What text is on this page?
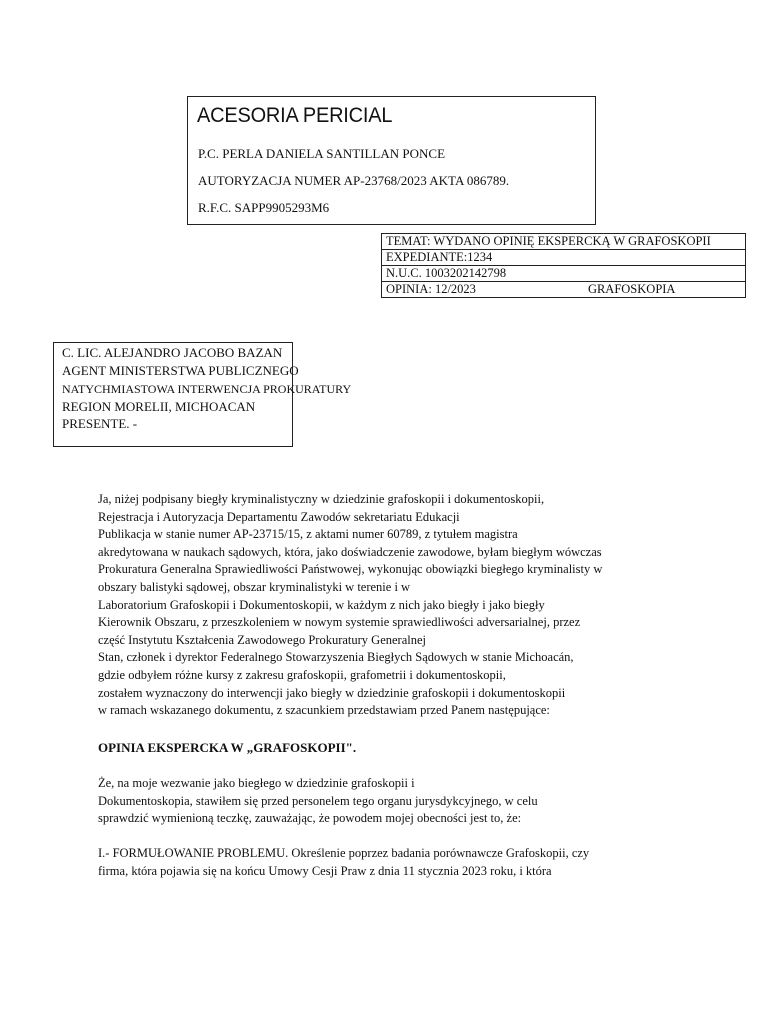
ACESORIA PERICIAL
P.C. PERLA DANIELA SANTILLAN PONCE
AUTORYZACJA NUMER AP-23768/2023 AKTA 086789.
R.F.C. SAPP9905293M6
TEMAT: WYDANO OPINIĘ EKSPERCKĄ W GRAFOSKOPII
EXPEDIANTE:1234
N.U.C. 1003202142798
OPINIA: 12/2023	GRAFOSKOPIA
C. LIC. ALEJANDRO JACOBO BAZAN
AGENT MINISTERSTWA PUBLICZNEGO
NATYCHMIASTOWA INTERWENCJA PROKURATURY
REGION MORELII, MICHOACAN
PRESENTE. -
Ja, niżej podpisany biegły kryminalistyczny w dziedzinie grafoskopii i dokumentoskopii,
Rejestracja i Autoryzacja Departamentu Zawodów sekretariatu Edukacji
Publikacja w stanie numer AP-23715/15, z aktami numer 60789, z tytułem magistra
akredytowana w naukach sądowych, która, jako doświadczenie zawodowe, byłam biegłym wówczas
Prokuratura Generalna Sprawiedliwości Państwowej, wykonując obowiązki biegłego kryminalisty w
obszary balistyki sądowej, obszar kryminalistyki w terenie i w
Laboratorium Grafoskopii i Dokumentoskopii, w każdym z nich jako biegły i jako biegły
Kierownik Obszaru, z przeszkoleniem w nowym systemie sprawiedliwości adversarialnej, przez
część Instytutu Kształcenia Zawodowego Prokuratury Generalnej
Stan, członek i dyrektor Federalnego Stowarzyszenia Biegłych Sądowych w stanie Michoacán,
gdzie odbyłem różne kursy z zakresu grafoskopii, grafometrii i dokumentoskopii,
zostałem wyznaczony do interwencji jako biegły w dziedzinie grafoskopii i dokumentoskopii
w ramach wskazanego dokumentu, z szacunkiem przedstawiam przed Panem następujące:
OPINIA EKSPERCKA W „GRAFOSKOPII".
Że, na moje wezwanie jako biegłego w dziedzinie grafoskopii i
Dokumentoskopia, stawiłem się przed personelem tego organu jurysdykcyjnego, w celu
sprawdzić wymienioną teczkę, zauważając, że powodem mojej obecności jest to, że:
I.- FORMUŁOWANIE PROBLEMU. Określenie poprzez badania porównawcze Grafoskopii, czy
firma, która pojawia się na końcu Umowy Cesji Praw z dnia 11 stycznia 2023 roku, i która
